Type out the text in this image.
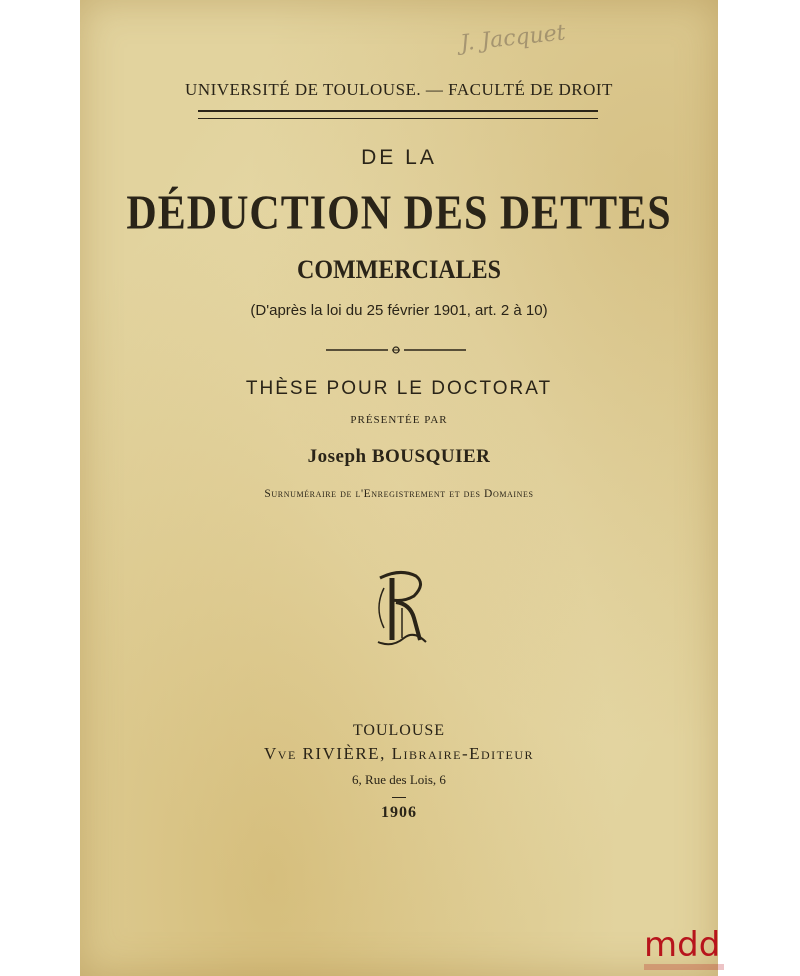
J. Jacquet
UNIVERSITÉ DE TOULOUSE. — FACULTÉ DE DROIT
DE LA
DÉDUCTION DES DETTES
COMMERCIALES
(D'après la loi du 25 février 1901, art. 2 à 10)
THÈSE POUR LE DOCTORAT
PRÉSENTÉE PAR
Joseph BOUSQUIER
Surnuméraire de l'Enregistrement et des Domaines
TOULOUSE
Vve RIVIÈRE, Libraire-Editeur
6, Rue des Lois, 6
1906
mdd
